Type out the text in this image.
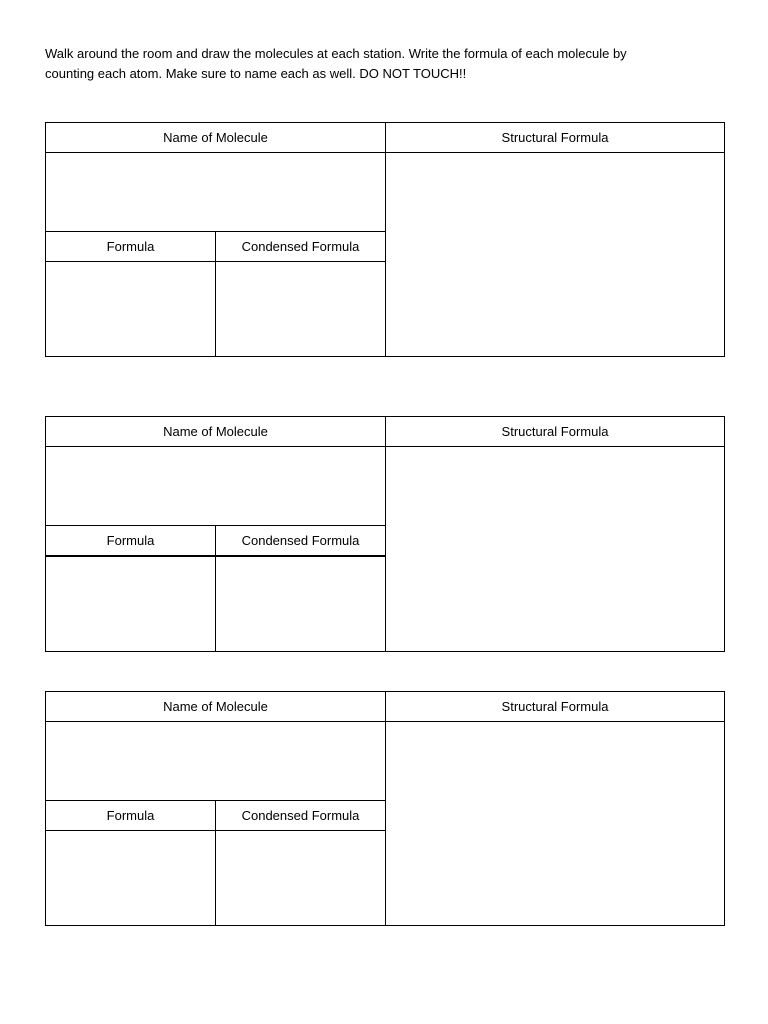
Walk around the room and draw the molecules at each station. Write the formula of each molecule by
counting each atom. Make sure to name each as well. DO NOT TOUCH!!

Name of Molecule		Structural Formula

Formula	Condensed Formula	

Name of Molecule		Structural Formula

Formula	Condensed Formula	

Name of Molecule		Structural Formula

Formula	Condensed Formula	
